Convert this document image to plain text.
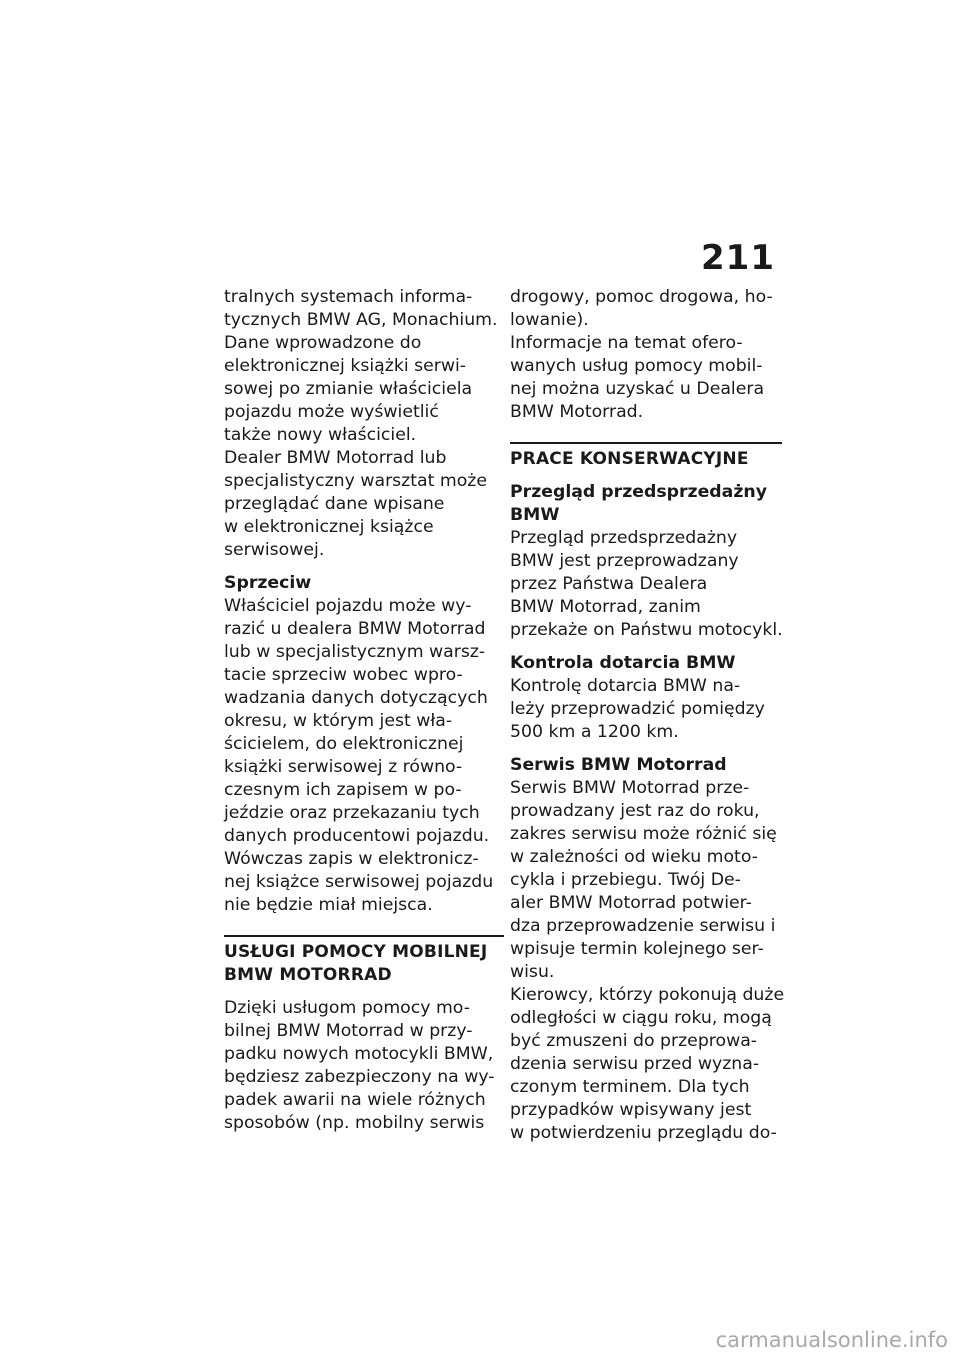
211
tralnych systemach informa-
tycznych BMW AG, Monachium.
Dane wprowadzone do
elektronicznej książki serwi-
sowej po zmianie właściciela
pojazdu może wyświetlić
także nowy właściciel.
Dealer BMW Motorrad lub
specjalistyczny warsztat może
przeglądać dane wpisane
w elektronicznej książce
serwisowej.
Sprzeciw
Właściciel pojazdu może wy-
razić u dealera BMW Motorrad
lub w specjalistycznym warsz-
tacie sprzeciw wobec wpro-
wadzania danych dotyczących
okresu, w którym jest wła-
ścicielem, do elektronicznej
książki serwisowej z równo-
czesnym ich zapisem w po-
jeździe oraz przekazaniu tych
danych producentowi pojazdu.
Wówczas zapis w elektronicz-
nej książce serwisowej pojazdu
nie będzie miał miejsca.
USŁUGI POMOCY MOBILNEJ
BMW MOTORRAD
Dzięki usługom pomocy mo-
bilnej BMW Motorrad w przy-
padku nowych motocykli BMW,
będziesz zabezpieczony na wy-
padek awarii na wiele różnych
sposobów (np. mobilny serwis
drogowy, pomoc drogowa, ho-
lowanie).
Informacje na temat ofero-
wanych usług pomocy mobil-
nej można uzyskać u Dealera
BMW Motorrad.
PRACE KONSERWACYJNE
Przegląd przedsprzedażny
BMW
Przegląd przedsprzedażny
BMW jest przeprowadzany
przez Państwa Dealera
BMW Motorrad, zanim
przekaże on Państwu motocykl.
Kontrola dotarcia BMW
Kontrolę dotarcia BMW na-
leży przeprowadzić pomiędzy
500 km a 1200 km.
Serwis BMW Motorrad
Serwis BMW Motorrad prze-
prowadzany jest raz do roku,
zakres serwisu może różnić się
w zależności od wieku moto-
cykla i przebiegu. Twój De-
aler BMW Motorrad potwier-
dza przeprowadzenie serwisu i
wpisuje termin kolejnego ser-
wisu.
Kierowcy, którzy pokonują duże
odległości w ciągu roku, mogą
być zmuszeni do przeprowa-
dzenia serwisu przed wyzna-
czonym terminem. Dla tych
przypadków wpisywany jest
w potwierdzeniu przeglądu do-
carmanualsonline.info
